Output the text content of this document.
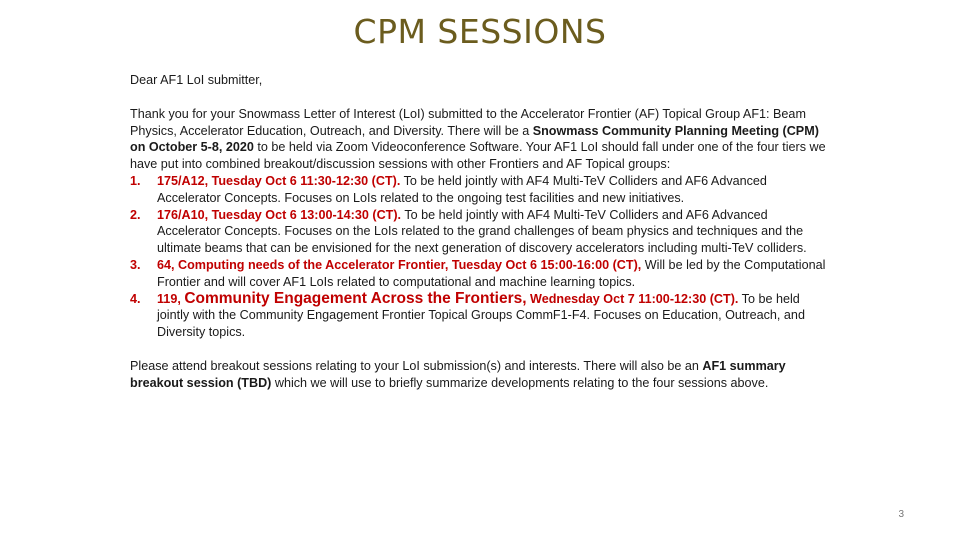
CPM SESSIONS

Dear AF1 LoI submitter,

Thank you for your Snowmass Letter of Interest (LoI) submitted to the Accelerator Frontier (AF) Topical Group AF1: Beam Physics, Accelerator Education, Outreach, and Diversity. There will be a Snowmass Community Planning Meeting (CPM) on October 5-8, 2020 to be held via Zoom Videoconference Software. Your AF1 LoI should fall under one of the four tiers we have put into combined breakout/discussion sessions with other Frontiers and AF Topical groups:

1. 175/A12, Tuesday Oct 6 11:30-12:30 (CT). To be held jointly with AF4 Multi-TeV Colliders and AF6 Advanced Accelerator Concepts. Focuses on LoIs related to the ongoing test facilities and new initiatives.
2. 176/A10, Tuesday Oct 6 13:00-14:30 (CT). To be held jointly with AF4 Multi-TeV Colliders and AF6 Advanced Accelerator Concepts. Focuses on the LoIs related to the grand challenges of beam physics and techniques and the ultimate beams that can be envisioned for the next generation of discovery accelerators including multi-TeV colliders.
3. 64, Computing needs of the Accelerator Frontier, Tuesday Oct 6 15:00-16:00 (CT), Will be led by the Computational Frontier and will cover AF1 LoIs related to computational and machine learning topics.
4. 119, Community Engagement Across the Frontiers, Wednesday Oct 7 11:00-12:30 (CT). To be held jointly with the Community Engagement Frontier Topical Groups CommF1-F4. Focuses on Education, Outreach, and Diversity topics.

Please attend breakout sessions relating to your LoI submission(s) and interests. There will also be an AF1 summary breakout session (TBD) which we will use to briefly summarize developments relating to the four sessions above.

3
